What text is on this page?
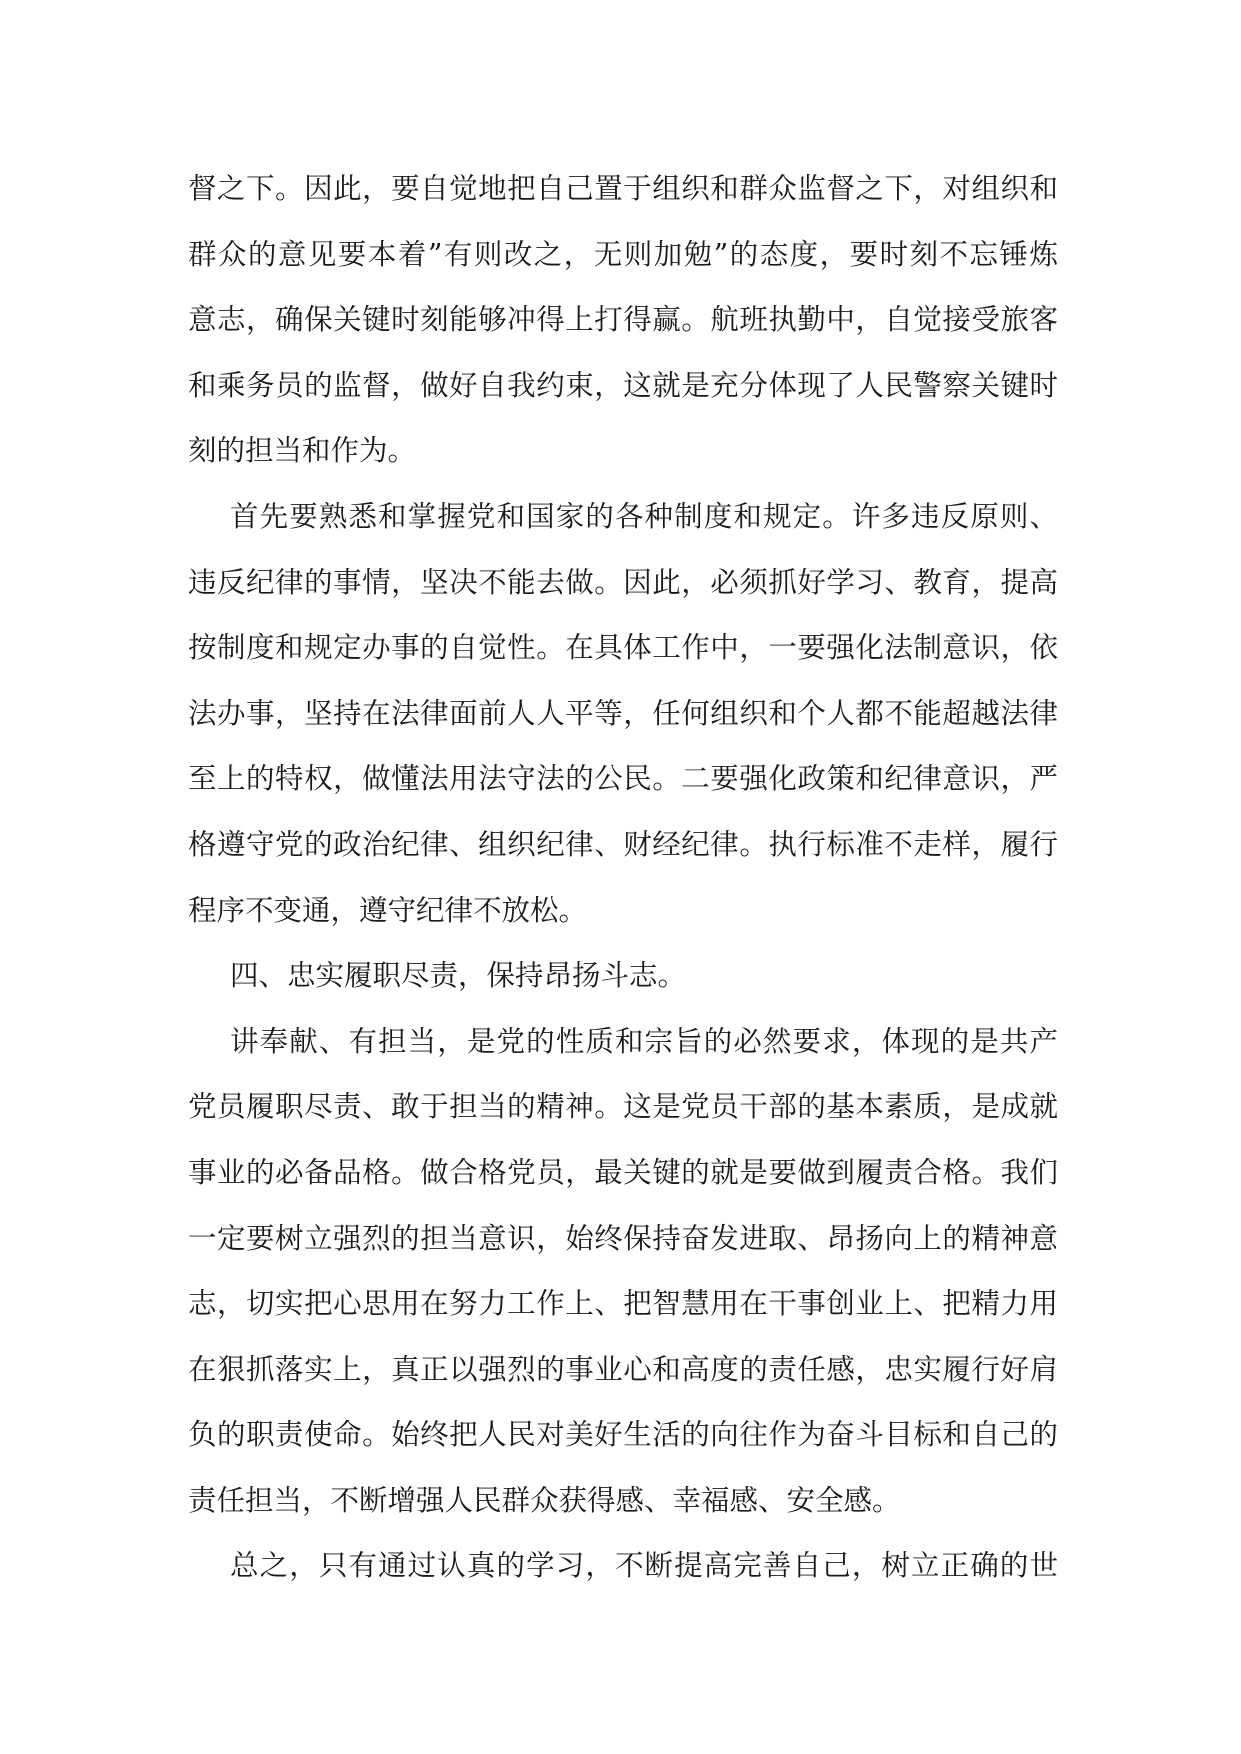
督之下。因此，要自觉地把自己置于组织和群众监督之下，对组织和
群众的意见要本着”有则改之，无则加勉”的态度，要时刻不忘锤炼
意志，确保关键时刻能够冲得上打得赢。航班执勤中，自觉接受旅客
和乘务员的监督，做好自我约束，这就是充分体现了人民警察关键时
刻的担当和作为。
首先要熟悉和掌握党和国家的各种制度和规定。许多违反原则、
违反纪律的事情，坚决不能去做。因此，必须抓好学习、教育，提高
按制度和规定办事的自觉性。在具体工作中，一要强化法制意识，依
法办事，坚持在法律面前人人平等，任何组织和个人都不能超越法律
至上的特权，做懂法用法守法的公民。二要强化政策和纪律意识，严
格遵守党的政治纪律、组织纪律、财经纪律。执行标准不走样，履行
程序不变通，遵守纪律不放松。
四、忠实履职尽责，保持昂扬斗志。
讲奉献、有担当，是党的性质和宗旨的必然要求，体现的是共产
党员履职尽责、敢于担当的精神。这是党员干部的基本素质，是成就
事业的必备品格。做合格党员，最关键的就是要做到履责合格。我们
一定要树立强烈的担当意识，始终保持奋发进取、昂扬向上的精神意
志，切实把心思用在努力工作上、把智慧用在干事创业上、把精力用
在狠抓落实上，真正以强烈的事业心和高度的责任感，忠实履行好肩
负的职责使命。始终把人民对美好生活的向往作为奋斗目标和自己的
责任担当，不断增强人民群众获得感、幸福感、安全感。
总之，只有通过认真的学习，不断提高完善自己，树立正确的世
